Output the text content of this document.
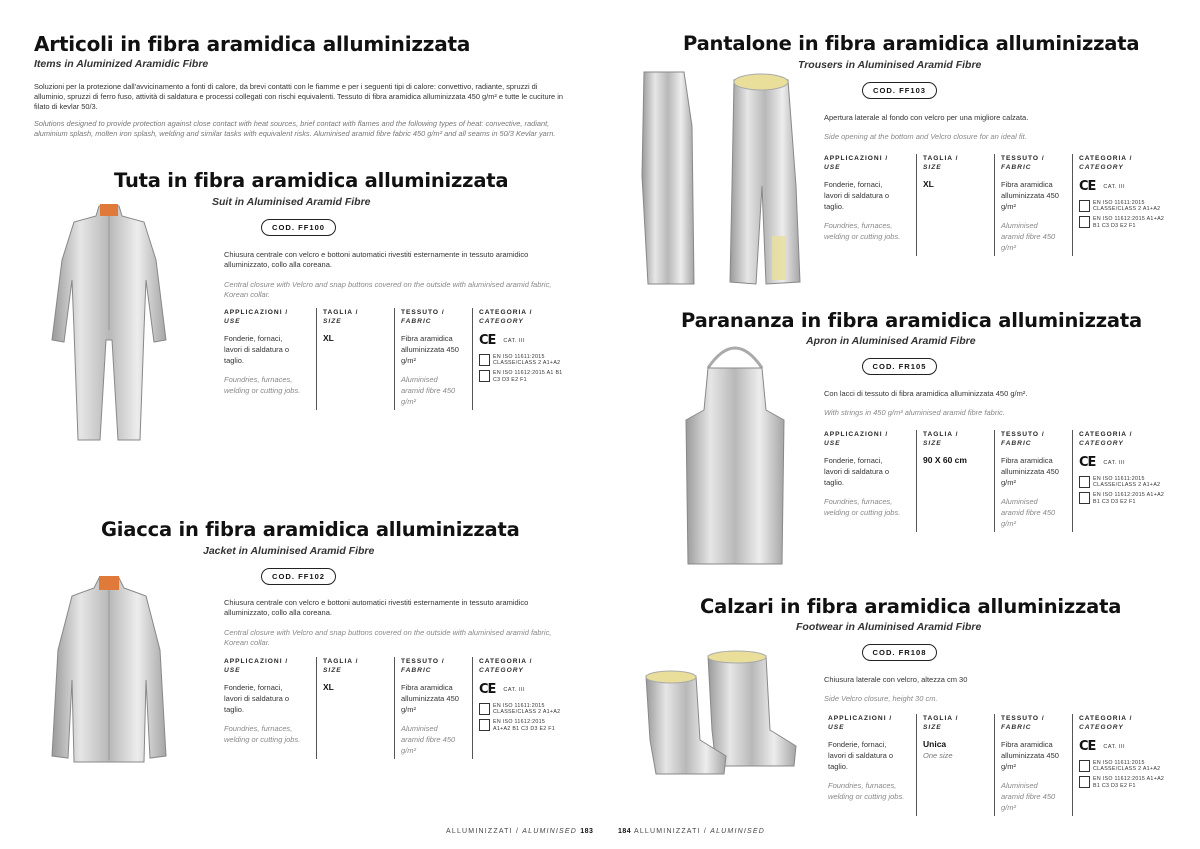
Articoli in fibra aramidica alluminizzata
Items in Aluminized Aramidic Fibre
Soluzioni per la protezione dall'avvicinamento a fonti di calore, da brevi contatti con le fiamme e per i seguenti tipi di calore: convettivo, radiante, spruzzi di alluminio, spruzzi di ferro fuso, attività di saldatura e processi collegati con rischi equivalenti. Tessuto di fibra aramidica alluminizzata 450 g/m² e tutte le cuciture in filato di kevlar 50/3.
Solutions designed to provide protection against close contact with heat sources, brief contact with flames and the following types of heat: convective, radiant, aluminium splash, molten iron splash, welding and similar tasks with equivalent risks. Aluminised aramid fibre fabric 450 g/m² and all seams in 50/3 Kevlar yarn.
Tuta in fibra aramidica alluminizzata
Suit in Aluminised Aramid Fibre
COD. FF100
Chiusura centrale con velcro e bottoni automatici rivestiti esternamente in tessuto aramidico alluminizzato, collo alla coreana.
Central closure with Velcro and snap buttons covered on the outside with aluminised aramid fabric, Korean collar.
APPLICAZIONI /
USE
Fonderie, fornaci, lavori di saldatura o taglio.
Foundries, furnaces, welding or cutting jobs.
TAGLIA /
SIZE
XL
TESSUTO /
FABRIC
Fibra aramidica alluminizzata 450 g/m²
Aluminised aramid fibre 450 g/m²
CATEGORIA /
CATEGORY
CE CAT. III
EN ISO 11611:2015 CLASSE/CLASS 2 A1+A2
EN ISO 11612:2015 A1 B1 C3 D3 E2 F1
Giacca in fibra aramidica alluminizzata
Jacket in Aluminised Aramid Fibre
COD. FF102
Chiusura centrale con velcro e bottoni automatici rivestiti esternamente in tessuto aramidico alluminizzato, collo alla coreana.
Central closure with Velcro and snap buttons covered on the outside with aluminised aramid fabric, Korean collar.
APPLICAZIONI /
USE
Fonderie, fornaci, lavori di saldatura o taglio.
Foundries, furnaces, welding or cutting jobs.
TAGLIA /
SIZE
XL
TESSUTO /
FABRIC
Fibra aramidica alluminizzata 450 g/m²
Aluminised aramid fibre 450 g/m²
CATEGORIA /
CATEGORY
CE CAT. III
EN ISO 11611:2015 CLASSE/CLASS 2 A1+A2
EN ISO 11612:2015 A1+A2 B1 C3 D3 E2 F1
Pantalone in fibra aramidica alluminizzata
Trousers in Aluminised Aramid Fibre
COD. FF103
Apertura laterale al fondo con velcro per una migliore calzata.
Side opening at the bottom and Velcro closure for an ideal fit.
APPLICAZIONI /
USE
Fonderie, fornaci, lavori di saldatura o taglio.
Foundries, furnaces, welding or cutting jobs.
TAGLIA /
SIZE
XL
TESSUTO /
FABRIC
Fibra aramidica alluminizzata 450 g/m²
Aluminised aramid fibre 450 g/m²
CATEGORIA /
CATEGORY
CE CAT. III
EN ISO 11611:2015 CLASSE/CLASS 2 A1+A2
EN ISO 11612:2015 A1+A2 B1 C3 D3 E2 F1
Parananza in fibra aramidica alluminizzata
Apron in Aluminised Aramid Fibre
COD. FR105
Con lacci di tessuto di fibra aramidica alluminizzata 450 g/m².
With strings in 450 g/m² aluminised aramid fibre fabric.
APPLICAZIONI /
USE
Fonderie, fornaci, lavori di saldatura o taglio.
Foundries, furnaces, welding or cutting jobs.
TAGLIA /
SIZE
90 X 60 cm
TESSUTO /
FABRIC
Fibra aramidica alluminizzata 450 g/m²
Aluminised aramid fibre 450 g/m²
CATEGORIA /
CATEGORY
CE CAT. III
EN ISO 11611:2015 CLASSE/CLASS 2 A1+A2
EN ISO 11612:2015 A1+A2 B1 C3 D3 E2 F1
Calzari in fibra aramidica alluminizzata
Footwear in Aluminised Aramid Fibre
COD. FR108
Chiusura laterale con velcro, altezza cm 30
Side Velcro closure, height 30 cm.
APPLICAZIONI /
USE
Fonderie, fornaci, lavori di saldatura o taglio.
Foundries, furnaces, welding or cutting jobs.
TAGLIA /
SIZE
Unica
One size
TESSUTO /
FABRIC
Fibra aramidica alluminizzata 450 g/m²
Aluminised aramid fibre 450 g/m²
CATEGORIA /
CATEGORY
CE CAT. III
EN ISO 11611:2015 CLASSE/CLASS 2 A1+A2
EN ISO 11612:2015 A1+A2 B1 C3 D3 E2 F1
ALLUMINIZZATI / ALUMINISED 183	184 ALLUMINIZZATI / ALUMINISED
